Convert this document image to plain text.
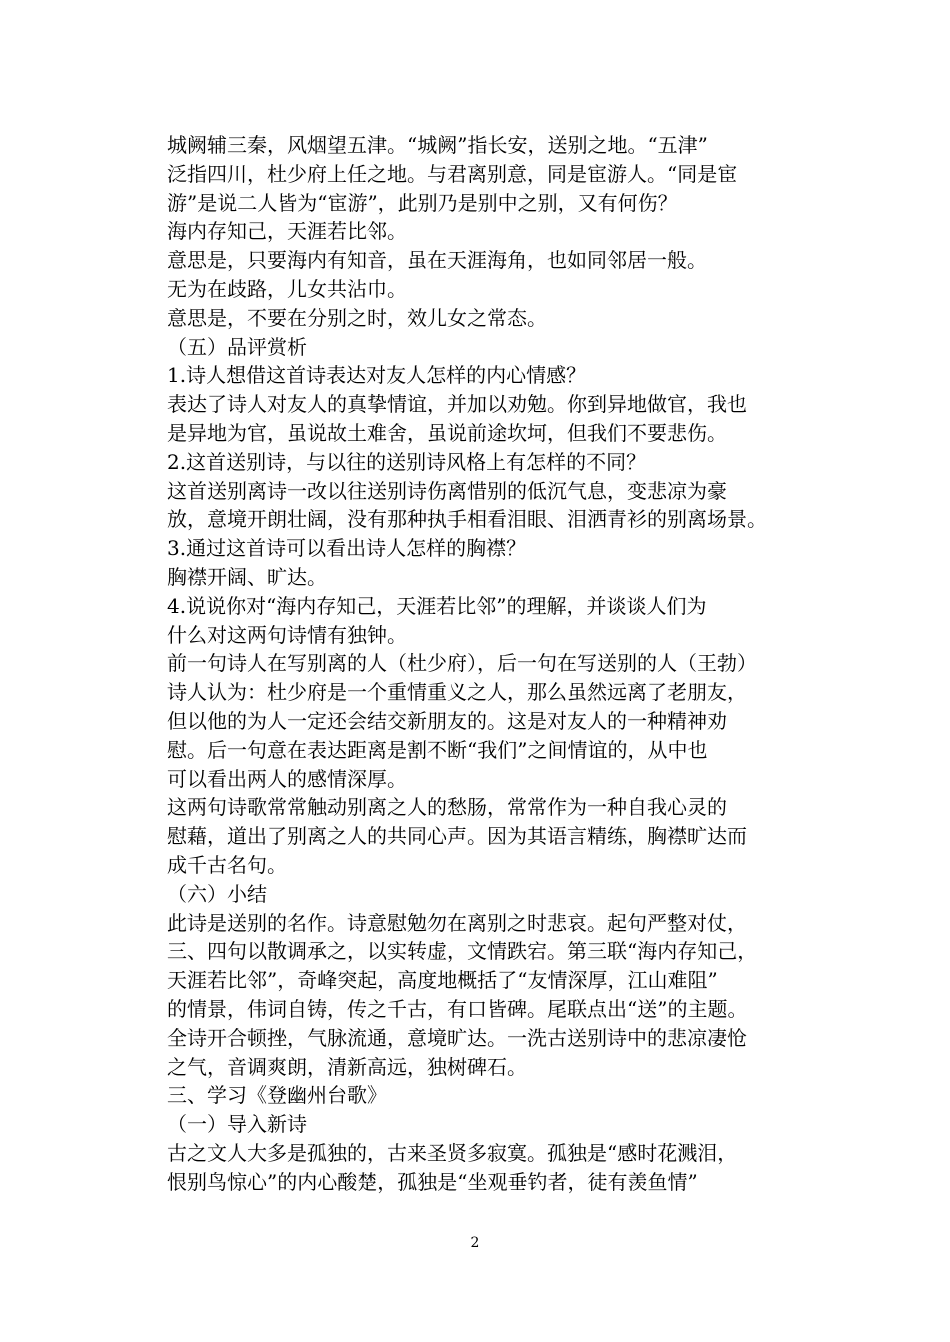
城阙辅三秦，风烟望五津。“城阙”指长安，送别之地。“五津”
泛指四川，杜少府上任之地。与君离别意，同是宦游人。“同是宦
游”是说二人皆为“宦游”，此别乃是别中之别，又有何伤？
海内存知己，天涯若比邻。
意思是，只要海内有知音，虽在天涯海角，也如同邻居一般。
无为在歧路，儿女共沾巾。
意思是，不要在分别之时，效儿女之常态。
（五）品评赏析
1.诗人想借这首诗表达对友人怎样的内心情感？
表达了诗人对友人的真挚情谊，并加以劝勉。你到异地做官，我也
是异地为官，虽说故土难舍，虽说前途坎坷，但我们不要悲伤。
2.这首送别诗，与以往的送别诗风格上有怎样的不同？
这首送别离诗一改以往送别诗伤离惜别的低沉气息，变悲凉为豪
放，意境开朗壮阔，没有那种执手相看泪眼、泪洒青衫的别离场景。
3.通过这首诗可以看出诗人怎样的胸襟？
胸襟开阔、旷达。
4.说说你对“海内存知己，天涯若比邻”的理解，并谈谈人们为
什么对这两句诗情有独钟。
前一句诗人在写别离的人（杜少府），后一句在写送别的人（王勃）
诗人认为：杜少府是一个重情重义之人，那么虽然远离了老朋友，
但以他的为人一定还会结交新朋友的。这是对友人的一种精神劝
慰。后一句意在表达距离是割不断“我们”之间情谊的，从中也
可以看出两人的感情深厚。
这两句诗歌常常触动别离之人的愁肠，常常作为一种自我心灵的
慰藉，道出了别离之人的共同心声。因为其语言精练，胸襟旷达而
成千古名句。
（六）小结
此诗是送别的名作。诗意慰勉勿在离别之时悲哀。起句严整对仗，
三、四句以散调承之，以实转虚，文情跌宕。第三联“海内存知己，
天涯若比邻”，奇峰突起，高度地概括了“友情深厚，江山难阻”
的情景，伟词自铸，传之千古，有口皆碑。尾联点出“送”的主题。
全诗开合顿挫，气脉流通，意境旷达。一洗古送别诗中的悲凉凄怆
之气，音调爽朗，清新高远，独树碑石。
三、学习《登幽州台歌》
（一）导入新诗
古之文人大多是孤独的，古来圣贤多寂寞。孤独是“感时花溅泪，
恨别鸟惊心”的内心酸楚，孤独是“坐观垂钓者，徒有羡鱼情”
2
